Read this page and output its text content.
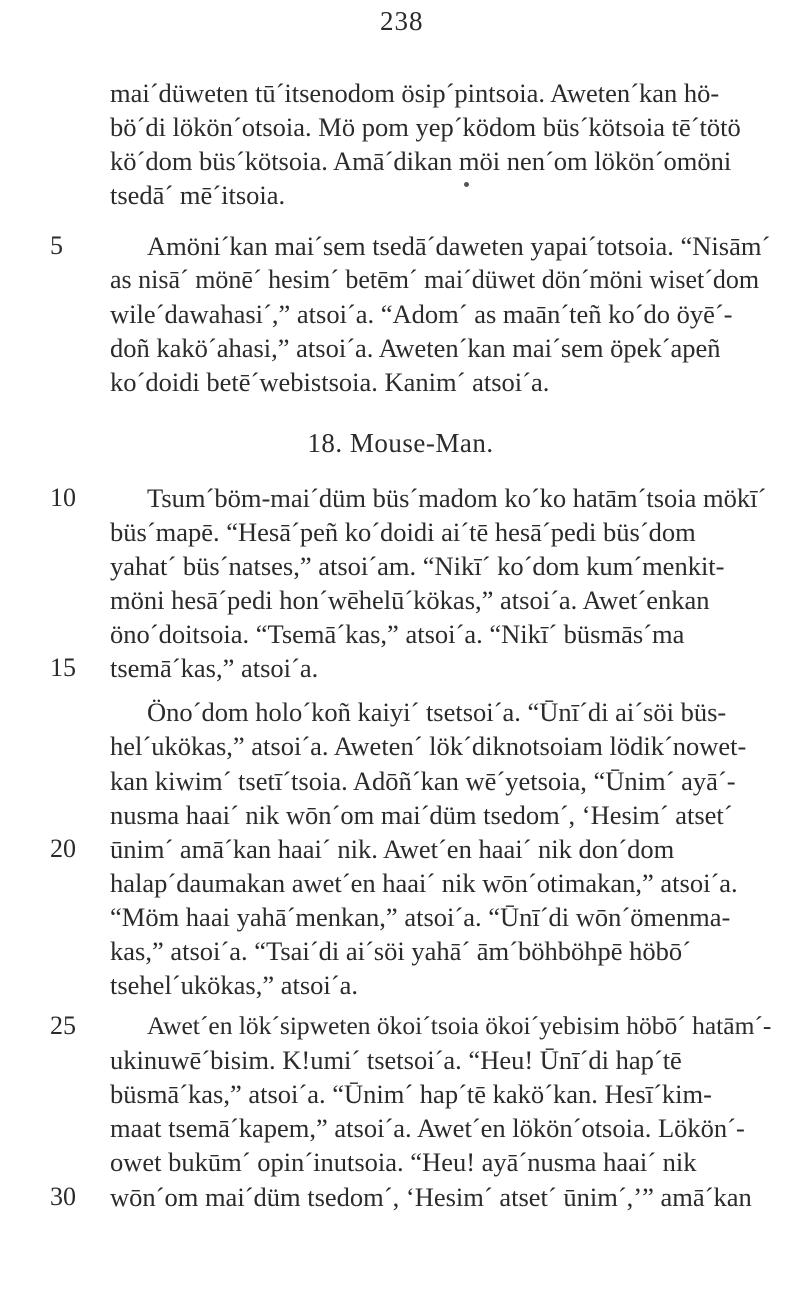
238
maiˊdüweten tūˊitsenodom ösipˊpintsoia. Awetenˊkan hö-
böˊdi lökönˊotsoia. Mö pom yepˊködom büsˊkötsoia tēˊtötö
köˊdom büsˊkötsoia. Amāˊdikan möi nenˊom lökönˊomöni
tsedāˊ mēˊitsoia.
5	Amöniˊkan maiˊsem tsedāˊdaweten yapaiˊtotsoia. “Nisāmˊ
as nisāˊ mönēˊ hesimˊ betēmˊ maiˊdüwet dönˊmöni wisetˊdom
wileˊdawahasiˊ,” atsoiˊa. “Adomˊ as maānˊteñ koˊdo öyēˊ-
doñ kaköˊahasi,” atsoiˊa. Awetenˊkan maiˊsem öpekˊapeñ
koˊdoidi betēˊwebistsoia. Kanimˊ atsoiˊa.
18. Mouse-Man.
10	Tsumˊböm-maiˊdüm büsˊmadom koˊko hatāmˊtsoia mökīˊ
büsˊmapē. “Hesāˊpeñ koˊdoidi aiˊtē hesāˊpedi büsˊdom
yahatˊ büsˊnatses,” atsoiˊam. “Nikīˊ koˊdom kumˊmenkit-
möni hesāˊpedi honˊwēhelūˊkökas,” atsoiˊa. Awetˊenkan
önoˊdoitsoia. “Tsemāˊkas,” atsoiˊa. “Nikīˊ büsmāsˊma
15 tsemāˊkas,” atsoiˊa.
Önoˊdom holoˊkoñ kaiyiˊ tsetsoiˊa. “Ūnīˊdi aiˊsöi büs-
helˊukökas,” atsoiˊa. Awetenˊ lökˊdiknotsoiam lödikˊnowet-
kan kiwimˊ tsetīˊtsoia. Adōñˊkan wēˊyetsoia, “Ūnimˊ ayāˊ-
nusma haaiˊ nik wōnˊom maiˊdüm tsedomˊ, ‘Hesimˊ atsetˊ
20 ūnimˊ amāˊkan haaiˊ nik. Awetˊen haaiˊ nik donˊdom
halapˊdaumakan awetˊen haaiˊ nik wōnˊotimakan,” atsoiˊa.
“Möm haai yahāˊmenkan,” atsoiˊa. “Ūnīˊdi wōnˊömenma-
kas,” atsoiˊa. “Tsaiˊdi aiˊsöi yahāˊ āmˊböhböhpē höbōˊ
tsehelˊukökas,” atsoiˊa.
25	Awetˊen lökˊsipweten ökoiˊtsoia ökoiˊyebisim höbōˊ hatāmˊ-
ukinuwēˊbisim. K!umiˊ tsetsoiˊa. “Heu! Ūnīˊdi hapˊtē
büsmāˊkas,” atsoiˊa. “Ūnimˊ hapˊtē kaköˊkan. Hesīˊkim-
maat tsemāˊkapem,” atsoiˊa. Awetˊen lökönˊotsoia. Lökönˊ-
owet bukūmˊ opinˊinutsoia. “Heu! ayāˊnusma haaiˊ nik
30 wōnˊom maiˊdüm tsedomˊ, ‘Hesimˊ atsetˊ ūnimˊ,’” amāˊkan
